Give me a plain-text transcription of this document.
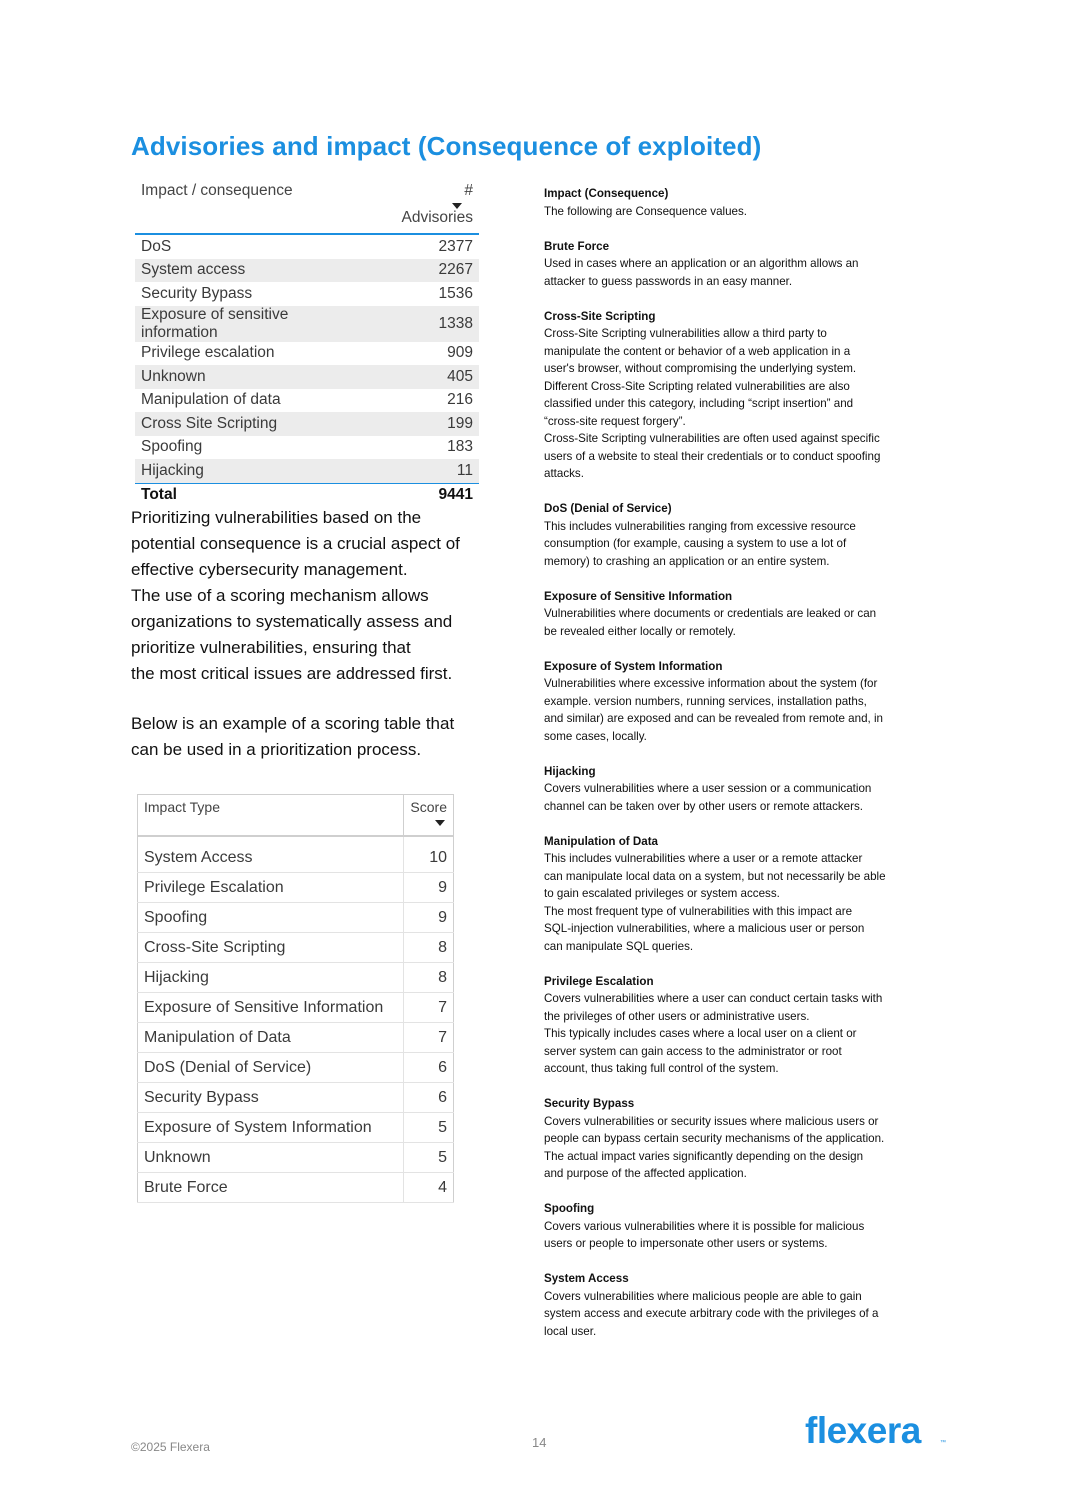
Advisories and impact (Consequence of exploited)
Impact / consequence	# Advisories
DoS	2377
System access	2267
Security Bypass	1536
Exposure of sensitive information	1338
Privilege escalation	909
Unknown	405
Manipulation of data	216
Cross Site Scripting	199
Spoofing	183
Hijacking	11
Total	9441
Prioritizing vulnerabilities based on the
potential consequence is a crucial aspect of
effective cybersecurity management.
The use of a scoring mechanism allows
organizations to systematically assess and
prioritize vulnerabilities, ensuring that
the most critical issues are addressed first.
Below is an example of a scoring table that
can be used in a prioritization process.
Impact Type	Score

System Access	10
Privilege Escalation	9
Spoofing	9
Cross-Site Scripting	8
Hijacking	8
Exposure of Sensitive Information	7
Manipulation of Data	7
DoS (Denial of Service)	6
Security Bypass	6
Exposure of System Information	5
Unknown	5
Brute Force	4
Impact (Consequence)

The following are Consequence values.

Brute Force

Used in cases where an application or an algorithm allows an
attacker to guess passwords in an easy manner.

Cross-Site Scripting

Cross-Site Scripting vulnerabilities allow a third party to
manipulate the content or behavior of a web application in a
user's browser, without compromising the underlying system.
Different Cross-Site Scripting related vulnerabilities are also
classified under this category, including “script insertion” and
“cross-site request forgery”.
Cross-Site Scripting vulnerabilities are often used against specific
users of a website to steal their credentials or to conduct spoofing
attacks.

DoS (Denial of Service)

This includes vulnerabilities ranging from excessive resource
consumption (for example, causing a system to use a lot of
memory) to crashing an application or an entire system.

Exposure of Sensitive Information

Vulnerabilities where documents or credentials are leaked or can
be revealed either locally or remotely.

Exposure of System Information

Vulnerabilities where excessive information about the system (for
example. version numbers, running services, installation paths,
and similar) are exposed and can be revealed from remote and, in
some cases, locally.

Hijacking

Covers vulnerabilities where a user session or a communication
channel can be taken over by other users or remote attackers.

Manipulation of Data

This includes vulnerabilities where a user or a remote attacker
can manipulate local data on a system, but not necessarily be able
to gain escalated privileges or system access.
The most frequent type of vulnerabilities with this impact are
SQL-injection vulnerabilities, where a malicious user or person
can manipulate SQL queries.

Privilege Escalation

Covers vulnerabilities where a user can conduct certain tasks with
the privileges of other users or administrative users.
This typically includes cases where a local user on a client or
server system can gain access to the administrator or root
account, thus taking full control of the system.

Security Bypass

Covers vulnerabilities or security issues where malicious users or
people can bypass certain security mechanisms of the application.
The actual impact varies significantly depending on the design
and purpose of the affected application.

Spoofing

Covers various vulnerabilities where it is possible for malicious
users or people to impersonate other users or systems.

System Access

Covers vulnerabilities where malicious people are able to gain
system access and execute arbitrary code with the privileges of a
local user.

©2025 Flexera	14	flexera	™
